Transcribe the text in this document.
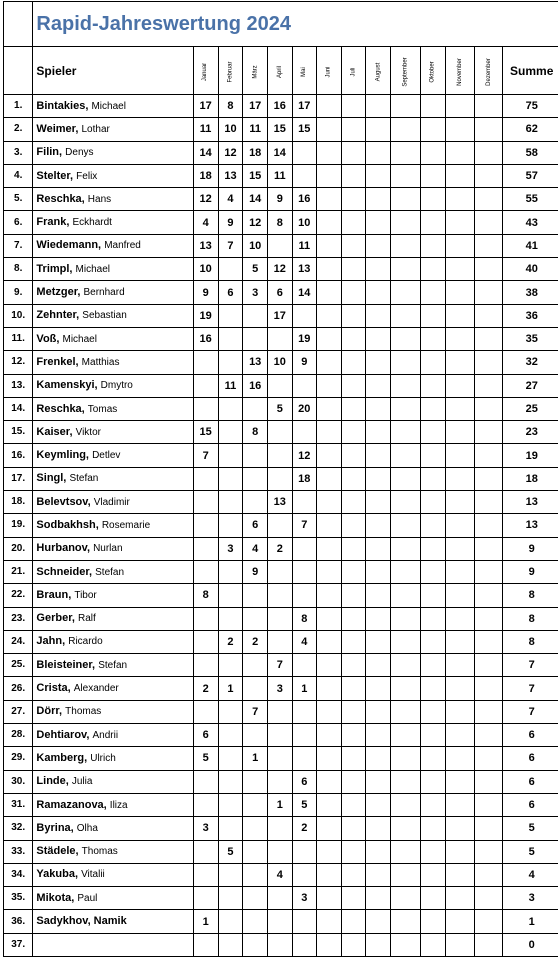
	Rapid-Jahreswertung 2024													
	Spieler	Januar	Februar	März	April	Mai	Juni	Juli	August	September	Oktober	November	Dezember	Summe
1.	Bintakies, Michael	17	8	17	16	17								75
2.	Weimer, Lothar	11	10	11	15	15								62
3.	Filin, Denys	14	12	18	14									58
4.	Stelter, Felix	18	13	15	11									57
5.	Reschka, Hans	12	4	14	9	16								55
6.	Frank, Eckhardt	4	9	12	8	10								43
7.	Wiedemann, Manfred	13	7	10		11								41
8.	Trimpl, Michael	10		5	12	13								40
9.	Metzger, Bernhard	9	6	3	6	14								38
10.	Zehnter, Sebastian	19			17									36
11.	Voß, Michael	16				19								35
12.	Frenkel, Matthias			13	10	9								32
13.	Kamenskyi, Dmytro		11	16										27
14.	Reschka, Tomas				5	20								25
15.	Kaiser, Viktor	15		8										23
16.	Keymling, Detlev	7				12								19
17.	Singl, Stefan					18								18
18.	Belevtsov, Vladimir				13									13
19.	Sodbakhsh, Rosemarie			6		7								13
20.	Hurbanov, Nurlan		3	4	2									9
21.	Schneider, Stefan			9										9
22.	Braun, Tibor	8												8
23.	Gerber, Ralf					8								8
24.	Jahn, Ricardo		2	2		4								8
25.	Bleisteiner, Stefan				7									7
26.	Crista, Alexander	2	1		3	1								7
27.	Dörr, Thomas			7										7
28.	Dehtiarov, Andrii	6												6
29.	Kamberg, Ulrich	5		1										6
30.	Linde, Julia					6								6
31.	Ramazanova, Iliza				1	5								6
32.	Byrina, Olha	3				2								5
33.	Städele, Thomas		5											5
34.	Yakuba, Vitalii				4									4
35.	Mikota, Paul					3								3
36.	Sadykhov, Namik	1												1
37.														0
